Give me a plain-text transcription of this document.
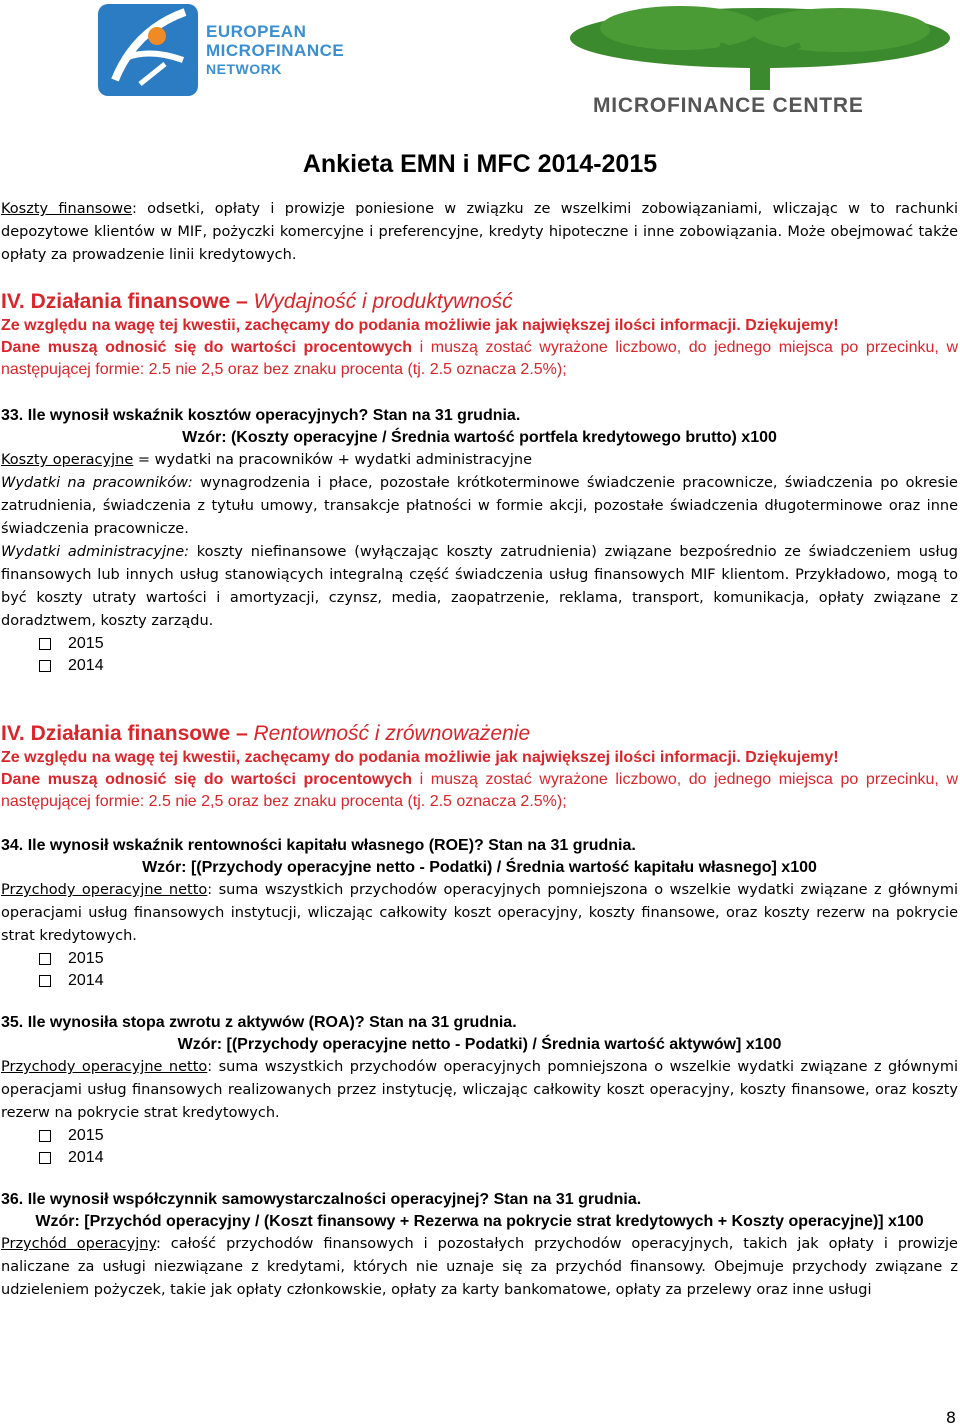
EUROPEAN
MICROFINANCE
NETWORK
MICROFINANCE CENTRE
Ankieta EMN i MFC 2014-2015

Koszty finansowe: odsetki, opłaty i prowizje poniesione w związku ze wszelkimi zobowiązaniami, wliczając w to rachunki depozytowe klientów w MIF, pożyczki komercyjne i preferencyjne, kredyty hipoteczne i inne zobowiązania. Może obejmować także opłaty za prowadzenie linii kredytowych.

IV. Działania finansowe – Wydajność i produktywność

Ze względu na wagę tej kwestii, zachęcamy do podania możliwie jak największej ilości informacji. Dziękujemy!

Dane muszą odnosić się do wartości procentowych i muszą zostać wyrażone liczbowo, do jednego miejsca po przecinku, w następującej formie: 2.5 nie 2,5 oraz bez znaku procenta (tj. 2.5 oznacza 2.5%);

33. Ile wynosił wskaźnik kosztów operacyjnych? Stan na 31 grudnia.

Wzór: (Koszty operacyjne / Średnia wartość portfela kredytowego brutto) x100

Koszty operacyjne = wydatki na pracowników + wydatki administracyjne

Wydatki na pracowników: wynagrodzenia i płace, pozostałe krótkoterminowe świadczenie pracownicze, świadczenia po okresie zatrudnienia, świadczenia z tytułu umowy, transakcje płatności w formie akcji, pozostałe świadczenia długoterminowe oraz inne świadczenia pracownicze.

Wydatki administracyjne: koszty niefinansowe (wyłączając koszty zatrudnienia) związane bezpośrednio ze świadczeniem usług finansowych lub innych usług stanowiących integralną część świadczenia usług finansowych MIF klientom. Przykładowo, mogą to być koszty utraty wartości i amortyzacji, czynsz, media, zaopatrzenie, reklama, transport, komunikacja, opłaty związane z doradztwem, koszty zarządu.

2015

2014

IV. Działania finansowe – Rentowność i zrównoważenie

Ze względu na wagę tej kwestii, zachęcamy do podania możliwie jak największej ilości informacji. Dziękujemy!

Dane muszą odnosić się do wartości procentowych i muszą zostać wyrażone liczbowo, do jednego miejsca po przecinku, w następującej formie: 2.5 nie 2,5 oraz bez znaku procenta (tj. 2.5 oznacza 2.5%);

34. Ile wynosił wskaźnik rentowności kapitału własnego (ROE)? Stan na 31 grudnia.

Wzór: [(Przychody operacyjne netto - Podatki) / Średnia wartość kapitału własnego] x100

Przychody operacyjne netto: suma wszystkich przychodów operacyjnych pomniejszona o wszelkie wydatki związane z głównymi operacjami usług finansowych instytucji, wliczając całkowity koszt operacyjny, koszty finansowe, oraz koszty rezerw na pokrycie strat kredytowych.

2015

2014

35. Ile wynosiła stopa zwrotu z aktywów (ROA)? Stan na 31 grudnia.

Wzór: [(Przychody operacyjne netto - Podatki) / Średnia wartość aktywów] x100

Przychody operacyjne netto: suma wszystkich przychodów operacyjnych pomniejszona o wszelkie wydatki związane z głównymi operacjami usług finansowych realizowanych przez instytucję, wliczając całkowity koszt operacyjny, koszty finansowe, oraz koszty rezerw na pokrycie strat kredytowych.

2015

2014

36. Ile wynosił współczynnik samowystarczalności operacyjnej? Stan na 31 grudnia.

Wzór: [Przychód operacyjny / (Koszt finansowy + Rezerwa na pokrycie strat kredytowych + Koszty operacyjne)] x100

Przychód operacyjny: całość przychodów finansowych i pozostałych przychodów operacyjnych, takich jak opłaty i prowizje naliczane za usługi niezwiązane z kredytami, których nie uznaje się za przychód finansowy. Obejmuje przychody związane z udzieleniem pożyczek, takie jak opłaty członkowskie, opłaty za karty bankomatowe, opłaty za przelewy oraz inne usługi

8
